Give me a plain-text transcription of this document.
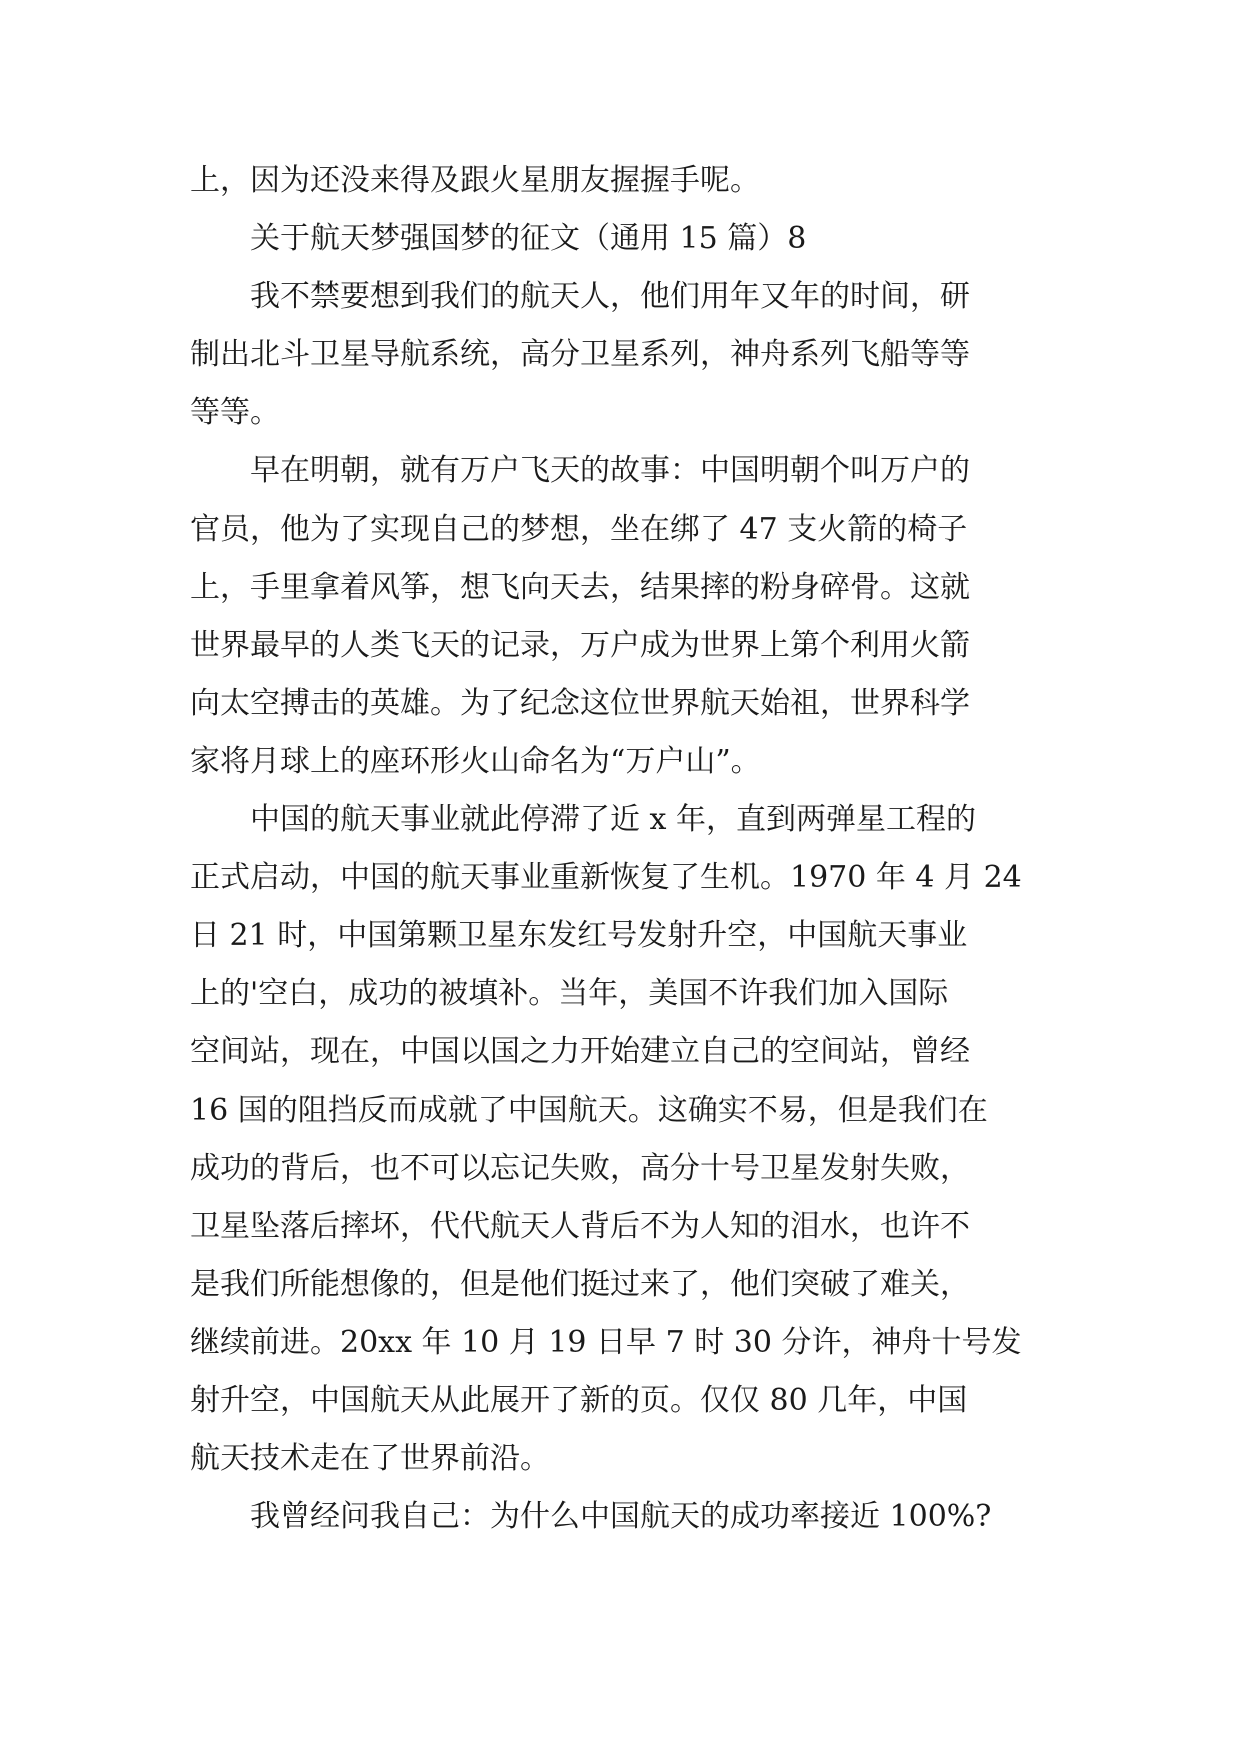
上，因为还没来得及跟火星朋友握握手呢。

关于航天梦强国梦的征文（通用 15 篇）8

我不禁要想到我们的航天人，他们用年又年的时间，研
制出北斗卫星导航系统，高分卫星系列，神舟系列飞船等等
等等。

早在明朝，就有万户飞天的故事：中国明朝个叫万户的
官员，他为了实现自己的梦想，坐在绑了 47 支火箭的椅子
上，手里拿着风筝，想飞向天去，结果摔的粉身碎骨。这就
世界最早的人类飞天的记录，万户成为世界上第个利用火箭
向太空搏击的英雄。为了纪念这位世界航天始祖，世界科学
家将月球上的座环形火山命名为“万户山”。

中国的航天事业就此停滞了近 x 年，直到两弹星工程的
正式启动，中国的航天事业重新恢复了生机。1970 年 4 月 24
日 21 时，中国第颗卫星东发红号发射升空，中国航天事业
上的'空白，成功的被填补。当年，美国不许我们加入国际
空间站，现在，中国以国之力开始建立自己的空间站，曾经
16 国的阻挡反而成就了中国航天。这确实不易，但是我们在
成功的背后，也不可以忘记失败，高分十号卫星发射失败，
卫星坠落后摔坏，代代航天人背后不为人知的泪水，也许不
是我们所能想像的，但是他们挺过来了，他们突破了难关，
继续前进。20xx 年 10 月 19 日早 7 时 30 分许，神舟十号发
射升空，中国航天从此展开了新的页。仅仅 80 几年，中国
航天技术走在了世界前沿。

我曾经问我自己：为什么中国航天的成功率接近 100%?
